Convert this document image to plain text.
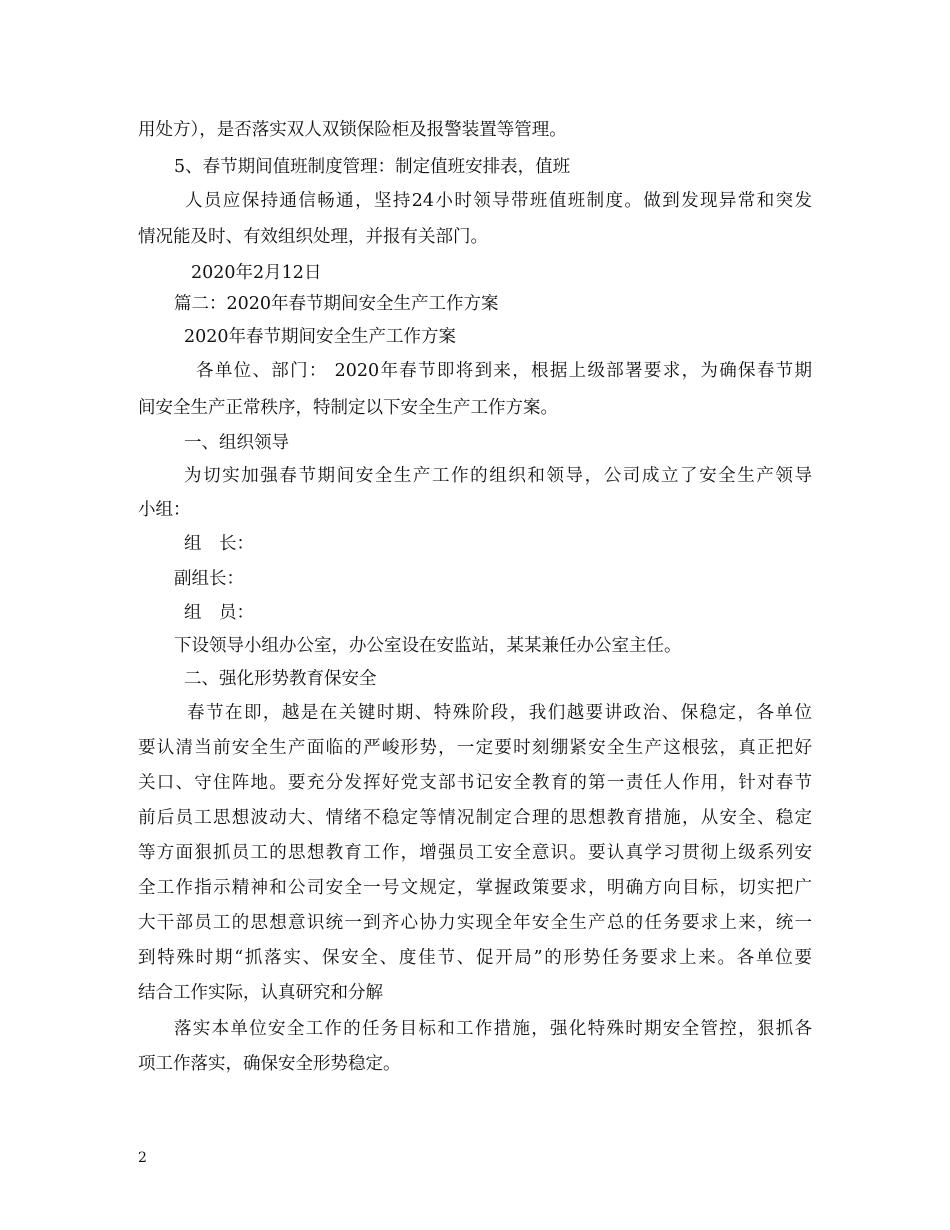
用处方），是否落实双人双锁保险柜及报警装置等管理。
5、春节期间值班制度管理：制定值班安排表，值班
人员应保持通信畅通，坚持24小时领导带班值班制度。做到发现异常和突发
情况能及时、有效组织处理，并报有关部门。
2020年2月12日
篇二：2020年春节期间安全生产工作方案
2020年春节期间安全生产工作方案
各单位、部门： 2020年春节即将到来，根据上级部署要求，为确保春节期
间安全生产正常秩序，特制定以下安全生产工作方案。
一、组织领导
为切实加强春节期间安全生产工作的组织和领导，公司成立了安全生产领导
小组：
组　长：
副组长：
组　员：
下设领导小组办公室，办公室设在安监站，某某兼任办公室主任。
二、强化形势教育保安全
春节在即，越是在关键时期、特殊阶段，我们越要讲政治、保稳定，各单位
要认清当前安全生产面临的严峻形势，一定要时刻绷紧安全生产这根弦，真正把好
关口、守住阵地。要充分发挥好党支部书记安全教育的第一责任人作用，针对春节
前后员工思想波动大、情绪不稳定等情况制定合理的思想教育措施，从安全、稳定
等方面狠抓员工的思想教育工作，增强员工安全意识。要认真学习贯彻上级系列安
全工作指示精神和公司安全一号文规定，掌握政策要求，明确方向目标，切实把广
大干部员工的思想意识统一到齐心协力实现全年安全生产总的任务要求上来，统一
到特殊时期“抓落实、保安全、度佳节、促开局”的形势任务要求上来。各单位要
结合工作实际，认真研究和分解
落实本单位安全工作的任务目标和工作措施，强化特殊时期安全管控，狠抓各
项工作落实，确保安全形势稳定。
2
